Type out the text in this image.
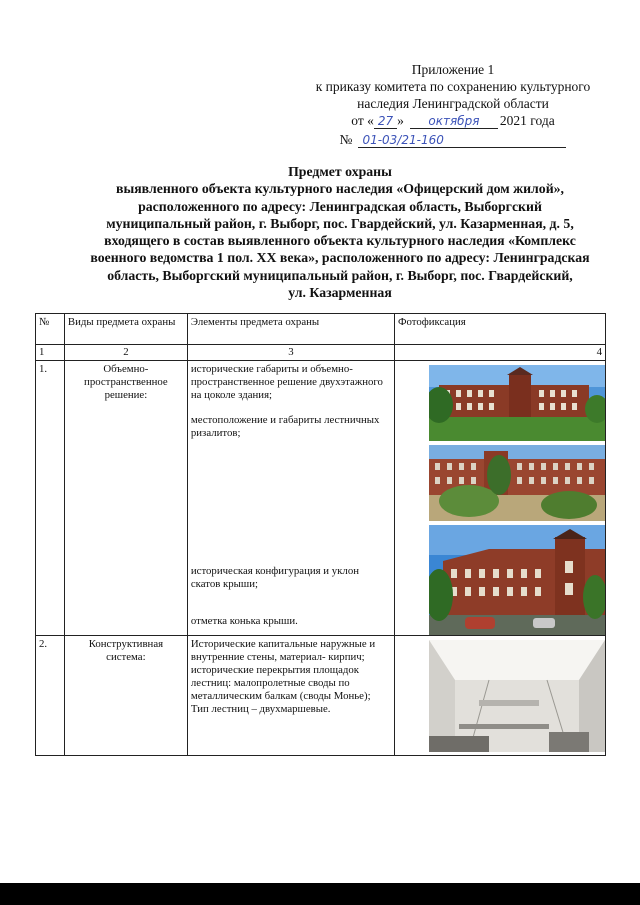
Приложение 1
к приказу комитета по сохранению культурного
наследия Ленинградской области
от « 27 »	октября	2021 года
№ 01-03/21-160
Предмет охраны
выявленного объекта культурного наследия «Офицерский дом жилой»,
расположенного по адресу: Ленинградская область, Выборгский
муниципальный район, г. Выборг, пос. Гвардейский, ул. Казарменная, д. 5,
входящего в состав выявленного объекта культурного наследия «Комплекс
военного ведомства 1 пол. XX века», расположенного по адресу: Ленинградская
область, Выборгский муниципальный район, г. Выборг, пос. Гвардейский,
ул. Казарменная
№	Виды предмета охраны	Элементы предмета охраны	Фотофиксация
1	2	3	4
1.	Объемно-пространственное решение:	исторические габариты и объемно-пространственное решение двухэтажного на цоколе здания;
местоположение и габариты лестничных ризалитов;
историческая конфигурация и уклон скатов крыши;
отметка конька крыши.

2.	Конструктивная система:	Исторические капитальные наружные и внутренние стены, материал- кирпич;
исторические перекрытия площадок лестниц: малопролетные своды по металлическим балкам (своды Монье);
Тип лестниц – двухмаршевые.
